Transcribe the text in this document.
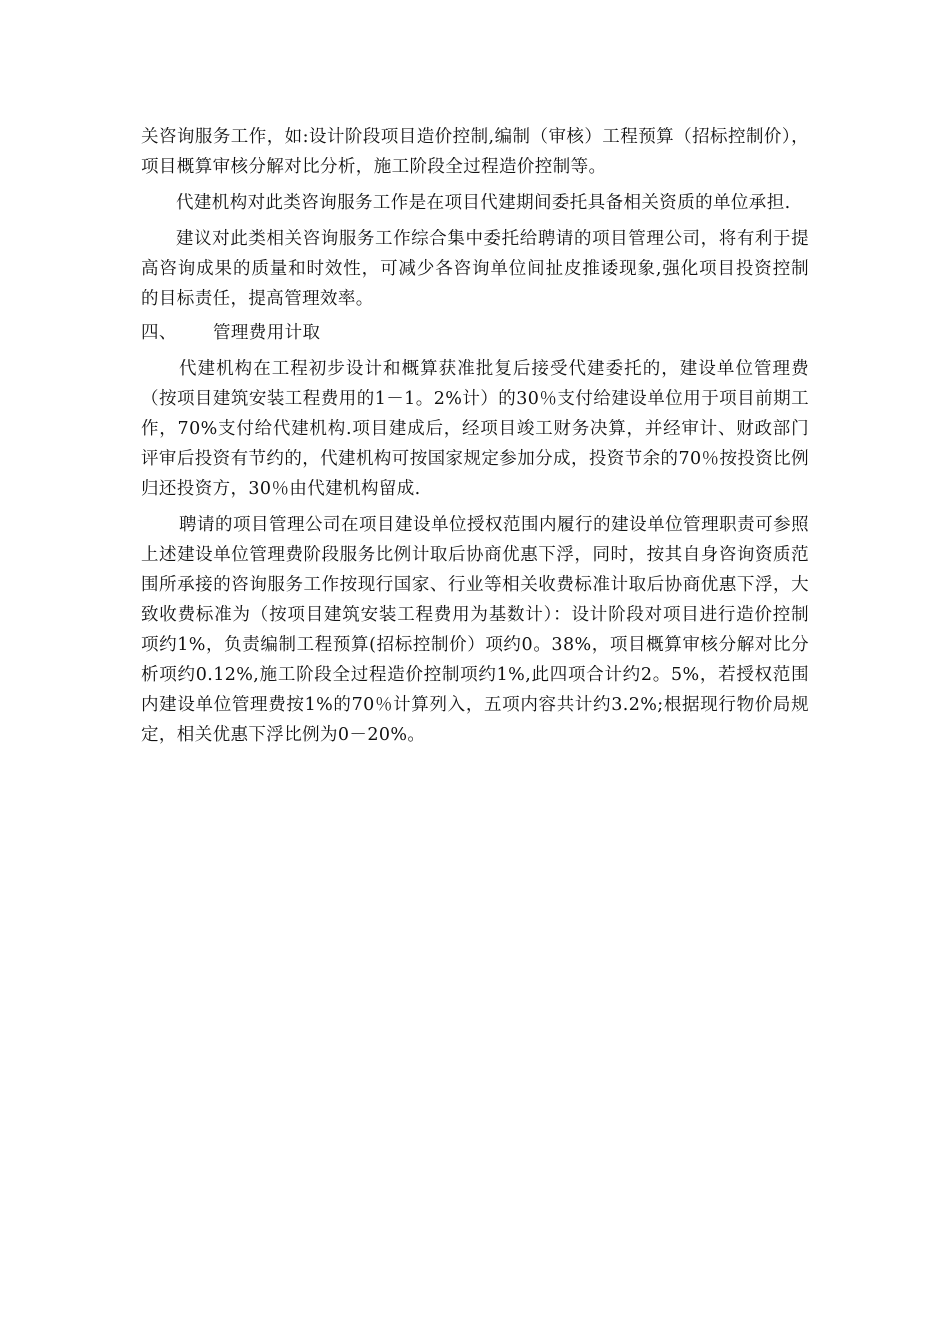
关咨询服务工作，如:设计阶段项目造价控制,编制（审核）工程预算（招标控制价），项目概算审核分解对比分析，施工阶段全过程造价控制等。

代建机构对此类咨询服务工作是在项目代建期间委托具备相关资质的单位承担.

建议对此类相关咨询服务工作综合集中委托给聘请的项目管理公司，将有利于提高咨询成果的质量和时效性，可减少各咨询单位间扯皮推诿现象,强化项目投资控制的目标责任，提高管理效率。

四、	管理费用计取

代建机构在工程初步设计和概算获准批复后接受代建委托的，建设单位管理费（按项目建筑安装工程费用的1－1。2%计）的30％支付给建设单位用于项目前期工作，70%支付给代建机构.项目建成后，经项目竣工财务决算，并经审计、财政部门评审后投资有节约的，代建机构可按国家规定参加分成，投资节余的70％按投资比例归还投资方，30％由代建机构留成.

聘请的项目管理公司在项目建设单位授权范围内履行的建设单位管理职责可参照上述建设单位管理费阶段服务比例计取后协商优惠下浮，同时，按其自身咨询资质范围所承接的咨询服务工作按现行国家、行业等相关收费标准计取后协商优惠下浮，大致收费标准为（按项目建筑安装工程费用为基数计）：设计阶段对项目进行造价控制项约1%，负责编制工程预算(招标控制价）项约0。38%，项目概算审核分解对比分析项约0.12%,施工阶段全过程造价控制项约1%,此四项合计约2。5%，若授权范围内建设单位管理费按1%的70％计算列入，五项内容共计约3.2%;根据现行物价局规定，相关优惠下浮比例为0－20%。
